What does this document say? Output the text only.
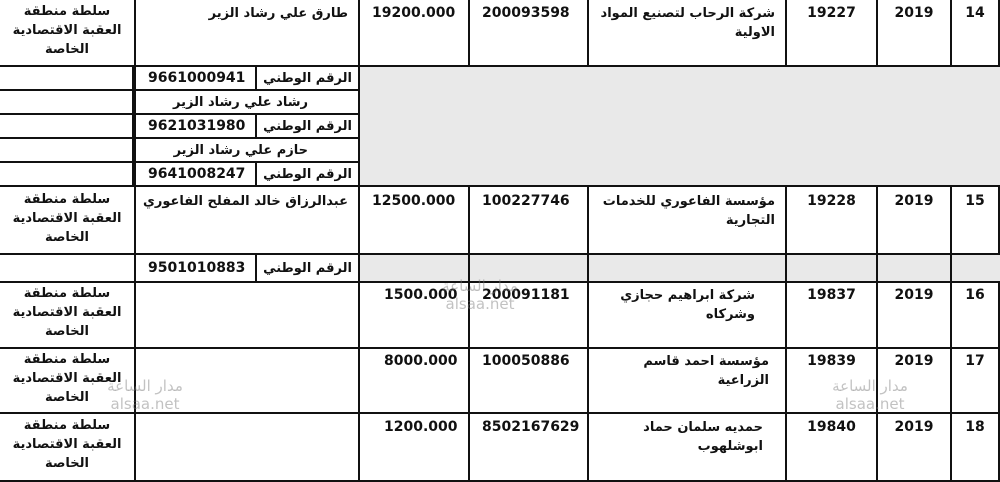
14
2019
19227
شركة الرحاب لتصنيع المواد الاولية
200093598
19200.000
طارق علي رشاد الزير
سلطة منطقة العقبة الاقتصادية الخاصة
الرقم الوطني
9661000941
رشاد علي رشاد الزير
الرقم الوطني
9621031980
حازم علي رشاد الزير
الرقم الوطني
9641008247
15
2019
19228
مؤسسة الفاعوري للخدمات التجارية
100227746
12500.000
عبدالرزاق خالد المفلح الفاعوري
سلطة منطقة العقبة الاقتصادية الخاصة
الرقم الوطني
9501010883
16
2019
19837
شركة ابراهيم حجازي وشركاه
200091181
1500.000
سلطة منطقة العقبة الاقتصادية الخاصة
17
2019
19839
مؤسسة احمد قاسم الزراعية
100050886
8000.000
سلطة منطقة العقبة الاقتصادية الخاصة
18
2019
19840
حمديه سلمان حماد ابوشلهوب
8502167629
1200.000
سلطة منطقة العقبة الاقتصادية الخاصة
مدار الساعة
alsaa.net
مدار الساعة
alsaa.net
مدار الساعة
alsaa.net
